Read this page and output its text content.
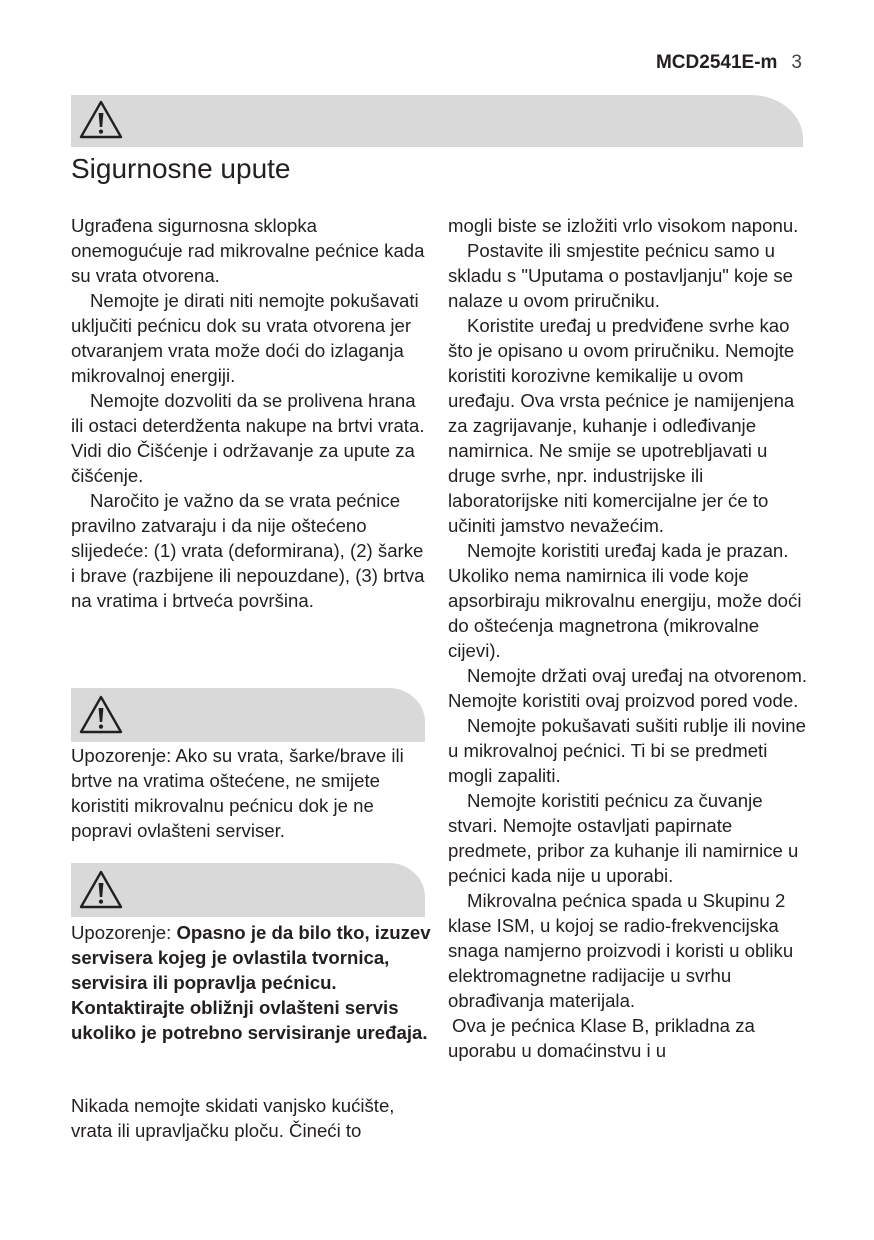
MCD2541E-m 3
Sigurnosne upute

Ugrađena sigurnosna sklopka onemogućuje rad mikrovalne pećnice kada su vrata otvorena.

Nemojte je dirati niti nemojte pokušavati uključiti pećnicu dok su vrata otvorena jer otvaranjem vrata može doći do izlaganja mikrovalnoj energiji.

Nemojte dozvoliti da se prolivena hrana ili ostaci deterdženta nakupe na brtvi vrata. Vidi dio Čišćenje i održavanje za upute za čišćenje.

Naročito je važno da se vrata pećnice pravilno zatvaraju i da nije oštećeno slijedeće: (1) vrata (deformirana), (2) šarke i brave (razbijene ili nepouzdane), (3) brtva na vratima i brtveća površina.

Upozorenje: Ako su vrata, šarke/brave ili brtve na vratima oštećene, ne smijete koristiti mikrovalnu pećnicu dok je ne popravi ovlašteni serviser.
Upozorenje: Opasno je da bilo tko, izuzev servisera kojeg je ovlastila tvornica, servisira ili popravlja pećnicu. Kontaktirajte obližnji ovlašteni servis ukoliko je potrebno servisiranje uređaja.
Nikada nemojte skidati vanjsko kućište, vrata ili upravljačku ploču. Čineći to

mogli biste se izložiti vrlo visokom naponu.

Postavite ili smjestite pećnicu samo u skladu s "Uputama o postavljanju" koje se nalaze u ovom priručniku.

Koristite uređaj u predviđene svrhe kao što je opisano u ovom priručniku. Nemojte koristiti korozivne kemikalije u ovom uređaju. Ova vrsta pećnice je namijenjena za zagrijavanje, kuhanje i odleđivanje namirnica. Ne smije se upotrebljavati u druge svrhe, npr. industrijske ili laboratorijske niti komercijalne jer će to učiniti jamstvo nevažećim.

Nemojte koristiti uređaj kada je prazan. Ukoliko nema namirnica ili vode koje apsorbiraju mikrovalnu energiju, može doći do oštećenja magnetrona (mikrovalne cijevi).

Nemojte držati ovaj uređaj na otvorenom. Nemojte koristiti ovaj proizvod pored vode.

Nemojte pokušavati sušiti rublje ili novine u mikrovalnoj pećnici. Ti bi se predmeti mogli zapaliti.

Nemojte koristiti pećnicu za čuvanje stvari. Nemojte ostavljati papirnate predmete, pribor za kuhanje ili namirnice u pećnici kada nije u uporabi.

Mikrovalna pećnica spada u Skupinu 2 klase ISM, u kojoj se radio-frekvencijska snaga namjerno proizvodi i koristi u obliku elektromagnetne radijacije u svrhu obrađivanja materijala.

Ova je pećnica Klase B, prikladna za uporabu u domaćinstvu i u
